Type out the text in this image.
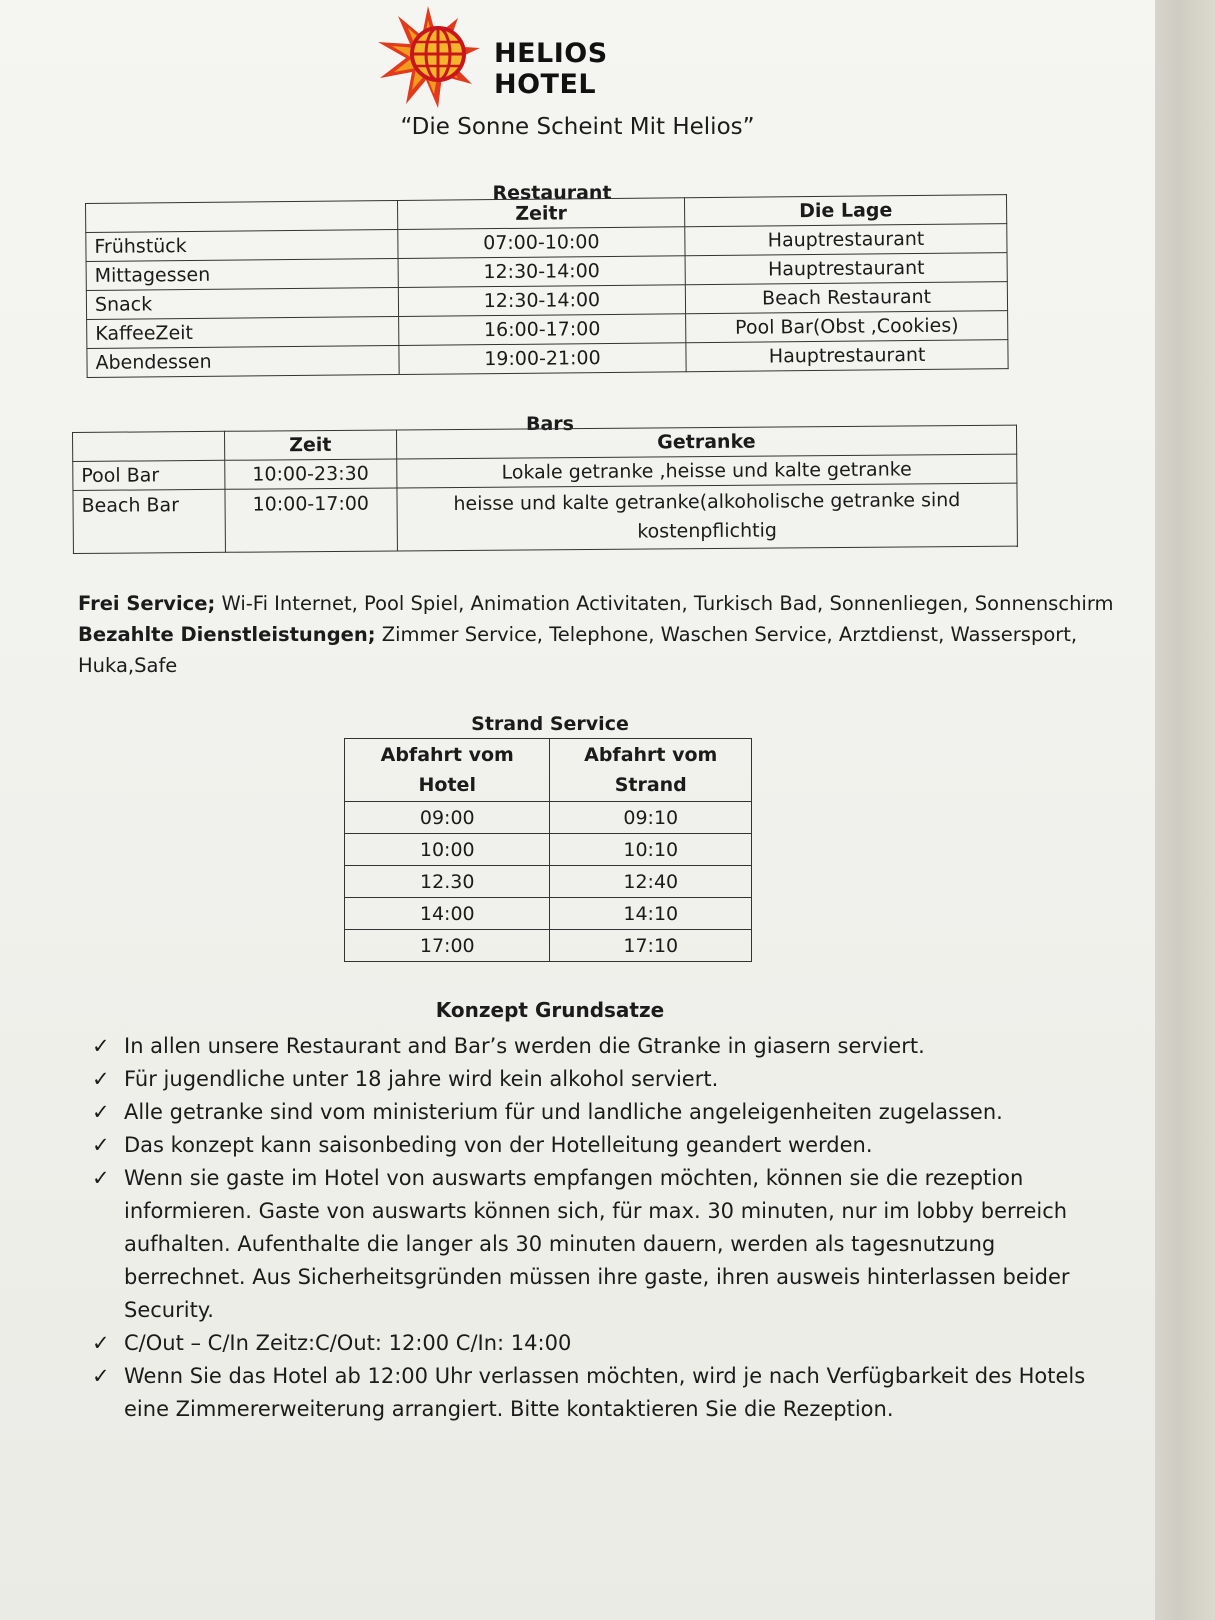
HELIOS HOTEL
“Die Sonne Scheint Mit Helios”
Restaurant
	Zeitr	Die Lage
Frühstück	07:00-10:00	Hauptrestaurant
Mittagessen	12:30-14:00	Hauptrestaurant
Snack	12:30-14:00	Beach Restaurant
KaffeeZeit	16:00-17:00	Pool Bar(Obst ,Cookies)
Abendessen	19:00-21:00	Hauptrestaurant
Bars
	Zeit	Getranke
Pool Bar	10:00-23:30	Lokale getranke ,heisse und kalte getranke
Beach Bar	10:00-17:00	heisse und kalte getranke(alkoholische getranke sind kostenpflichtig
Frei Service; Wi-Fi Internet, Pool Spiel, Animation Activitaten, Turkisch Bad, Sonnenliegen, Sonnenschirm
Bezahlte Dienstleistungen; Zimmer Service, Telephone, Waschen Service, Arztdienst, Wassersport, Huka,Safe
Strand Service
Abfahrt vom Hotel	Abfahrt vom Strand
09:00	09:10
10:00	10:10
12.30	12:40
14:00	14:10
17:00	17:10
Konzept Grundsatze
✓ In allen unsere Restaurant and Bar’s werden die Gtranke in giasern serviert.
✓ Für jugendliche unter 18 jahre wird kein alkohol serviert.
✓ Alle getranke sind vom ministerium für und landliche angeleigenheiten zugelassen.
✓ Das konzept kann saisonbeding von der Hotelleitung geandert werden.
✓ Wenn sie gaste im Hotel von auswarts empfangen möchten, können sie die rezeption informieren. Gaste von auswarts können sich, für max. 30 minuten, nur im lobby berreich aufhalten. Aufenthalte die langer als 30 minuten dauern, werden als tagesnutzung berrechnet. Aus Sicherheitsgründen müssen ihre gaste, ihren ausweis hinterlassen beider Security.
✓ C/Out – C/In Zeitz:C/Out: 12:00 C/In: 14:00
✓ Wenn Sie das Hotel ab 12:00 Uhr verlassen möchten, wird je nach Verfügbarkeit des Hotels eine Zimmererweiterung arrangiert. Bitte kontaktieren Sie die Rezeption.
